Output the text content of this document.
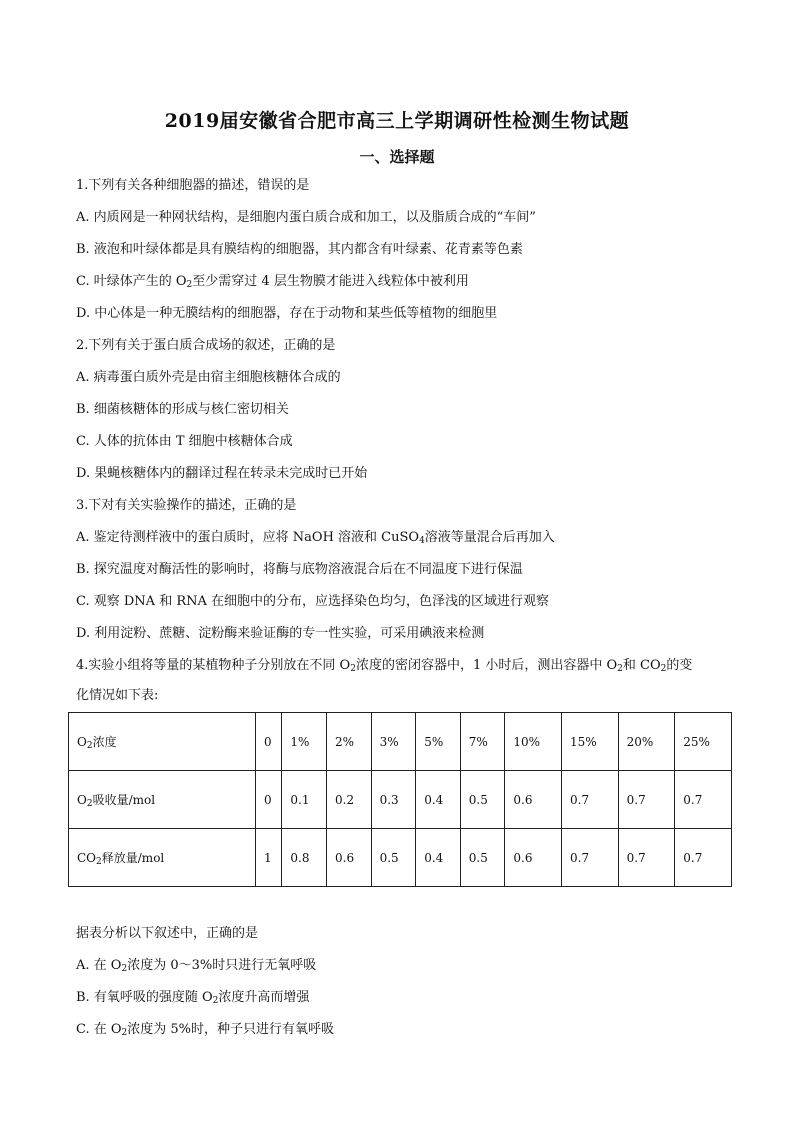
2019届安徽省合肥市高三上学期调研性检测生物试题
一、选择题
1.下列有关各种细胞器的描述，错误的是
A. 内质网是一种网状结构，是细胞内蛋白质合成和加工，以及脂质合成的“车间”
B. 液泡和叶绿体都是具有膜结构的细胞器，其内都含有叶绿素、花青素等色素
C. 叶绿体产生的 $O_2$至少需穿过 4 层生物膜才能进入线粒体中被利用
D. 中心体是一种无膜结构的细胞器，存在于动物和某些低等植物的细胞里
2.下列有关于蛋白质合成场的叙述，正确的是
A. 病毒蛋白质外壳是由宿主细胞核糖体合成的
B. 细菌核糖体的形成与核仁密切相关
C. 人体的抗体由 T 细胞中核糖体合成
D. 果蝇核糖体内的翻译过程在转录未完成时已开始
3.下对有关实验操作的描述，正确的是
A. 鉴定待测样液中的蛋白质时，应将 NaOH 溶液和 CuSO$_4$溶液等量混合后再加入
B. 探究温度对酶活性的影响时，将酶与底物溶液混合后在不同温度下进行保温
C. 观察 DNA 和 RNA 在细胞中的分布，应选择染色均匀，色泽浅的区域进行观察
D. 利用淀粉、蔗糖、淀粉酶来验证酶的专一性实验，可采用碘液来检测
4.实验小组将等量的某植物种子分别放在不同 $O_2$浓度的密闭容器中，1 小时后，测出容器中 $O_2$和 $CO_2$的变
化情况如下表:
$O_2$浓度	0	1%	2%	3%	5%	7%	10%	15%	20%	25%
$O_2$吸收量/mol	0	0.1	0.2	0.3	0.4	0.5	0.6	0.7	0.7	0.7
$CO_2$释放量/mol	1	0.8	0.6	0.5	0.4	0.5	0.6	0.7	0.7	0.7
据表分析以下叙述中，正确的是
A. 在 $O_2$浓度为 0～3%时只进行无氧呼吸
B. 有氧呼吸的强度随 $O_2$浓度升高而增强
C. 在 $O_2$浓度为 5%时，种子只进行有氧呼吸
